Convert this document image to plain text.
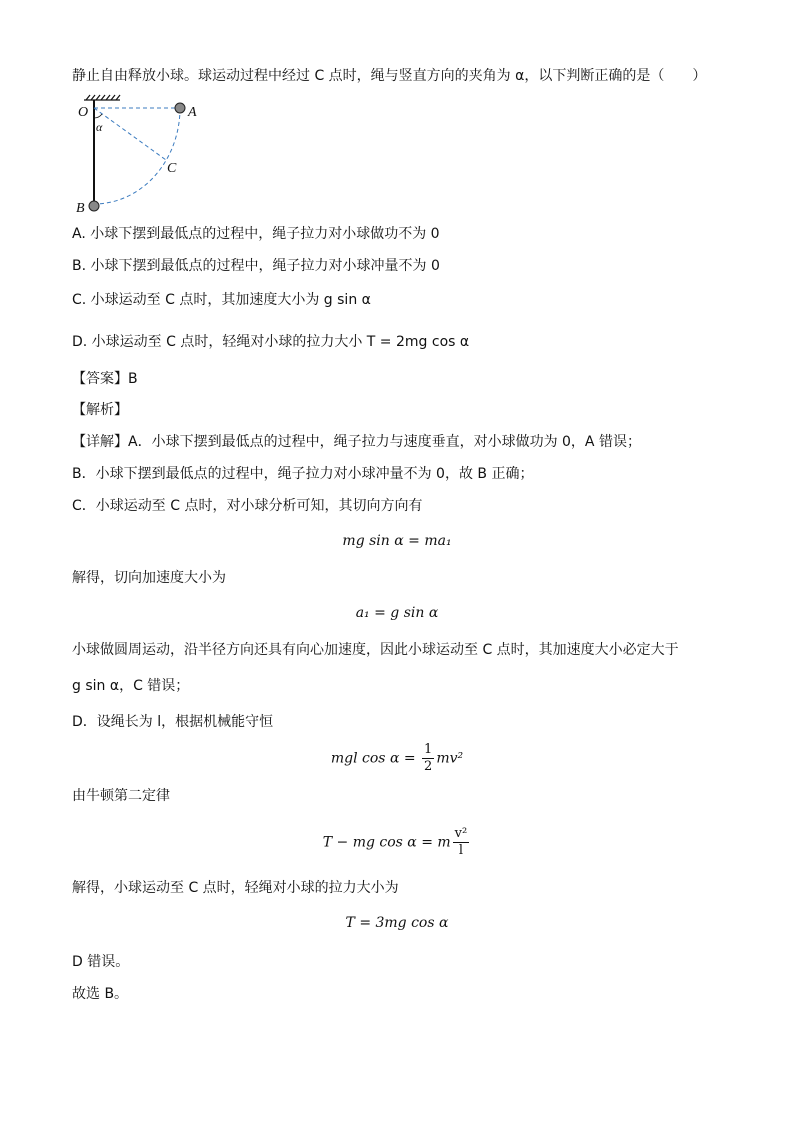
静止自由释放小球。球运动过程中经过 C 点时，绳与竖直方向的夹角为 α，以下判断正确的是（　　）
O	A
C
B
α
A. 小球下摆到最低点的过程中，绳子拉力对小球做功不为 0
B. 小球下摆到最低点的过程中，绳子拉力对小球冲量不为 0
C. 小球运动至 C 点时，其加速度大小为 g sin α
D. 小球运动至 C 点时，轻绳对小球的拉力大小 T = 2mg cos α
【答案】B
【解析】
【详解】A．小球下摆到最低点的过程中，绳子拉力与速度垂直，对小球做功为 0，A 错误；
B．小球下摆到最低点的过程中，绳子拉力对小球冲量不为 0，故 B 正确；
C．小球运动至 C 点时，对小球分析可知，其切向方向有
mg sin α = ma₁
解得，切向加速度大小为
a₁ = g sin α
小球做圆周运动，沿半径方向还具有向心加速度，因此小球运动至 C 点时，其加速度大小必定大于
g sin α，C 错误；
D．设绳长为 l，根据机械能守恒
mgl $\cos \alpha = \frac{1}{2} mv^2$
由牛顿第二定律
T − mg cos α = m $\frac{\text{v²}}{l}$
解得，小球运动至 C 点时，轻绳对小球的拉力大小为
T = 3mg cos α
D 错误。
故选 B。
